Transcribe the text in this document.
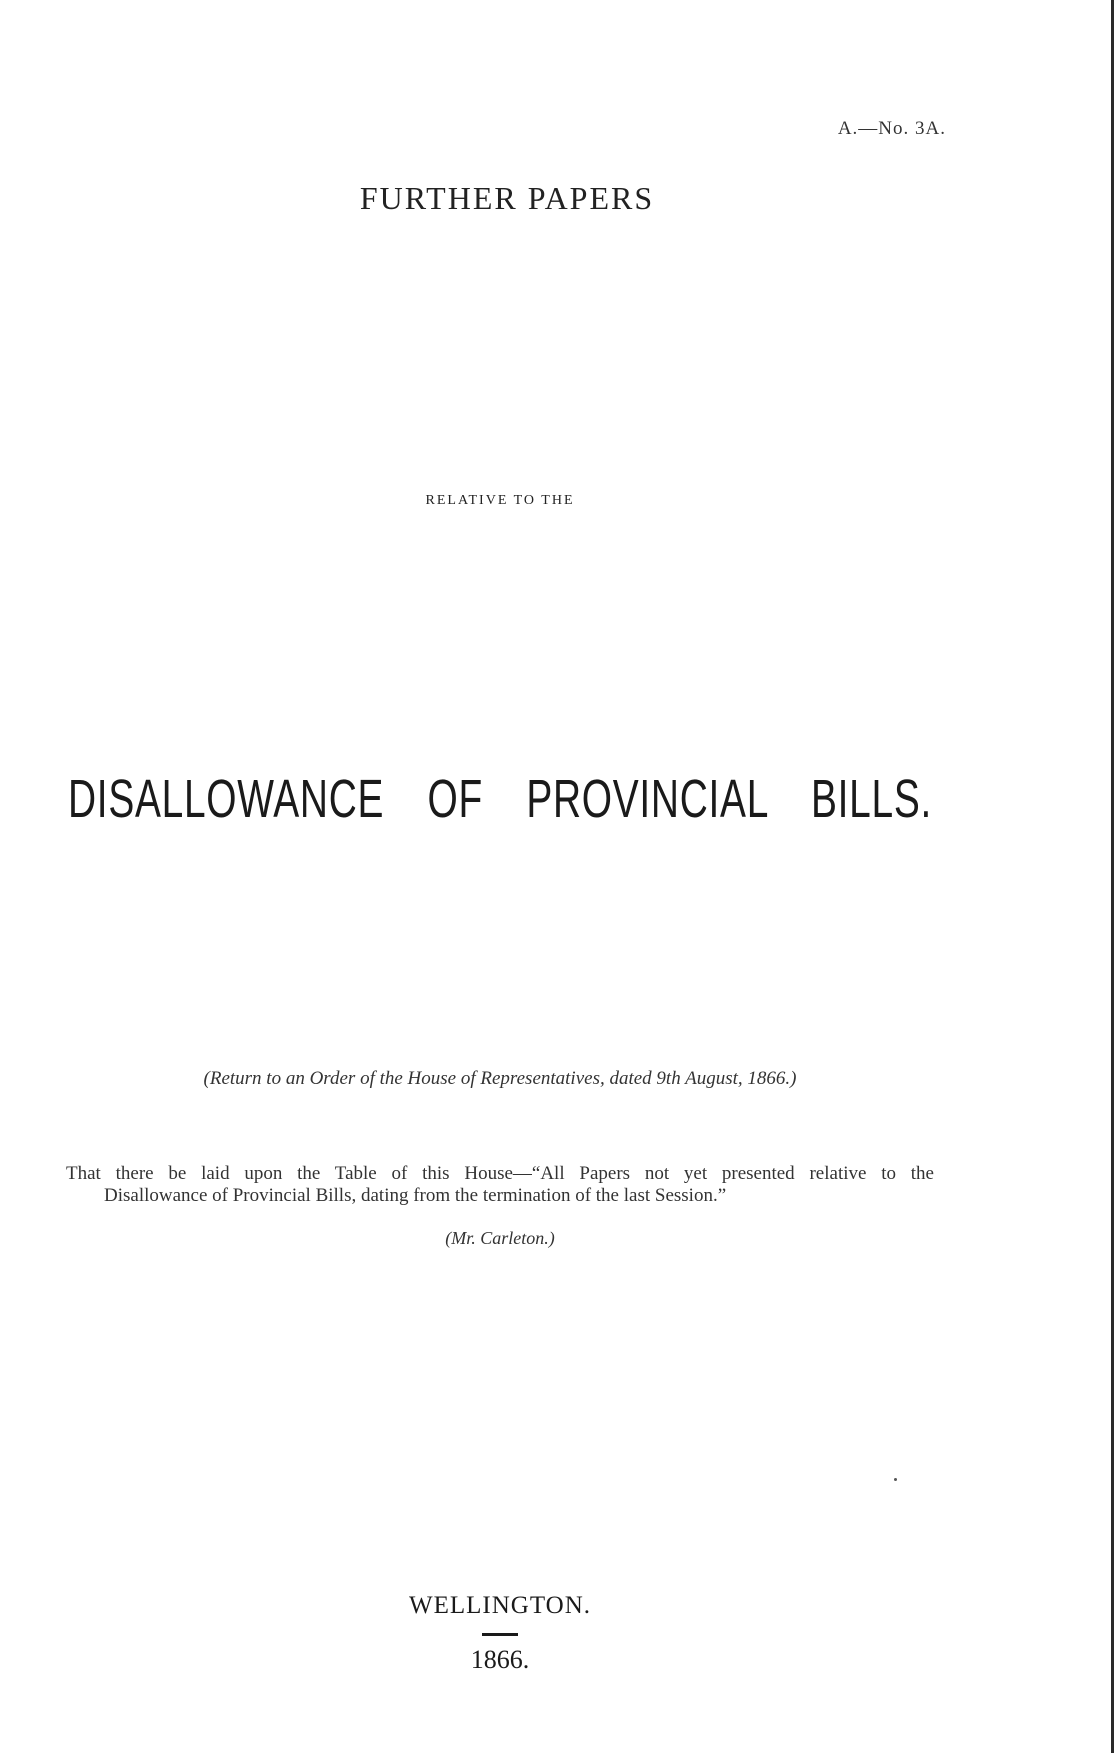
A.—No. 3A.
FURTHER PAPERS
RELATIVE TO THE
DISALLOWANCE OF PROVINCIAL BILLS.
(Return to an Order of the House of Representatives, dated 9th August, 1866.)
That there be laid upon the Table of this House—“All Papers not yet presented relative to the
Disallowance of Provincial Bills, dating from the termination of the last Session.”
(Mr. Carleton.)
WELLINGTON.
1866.
